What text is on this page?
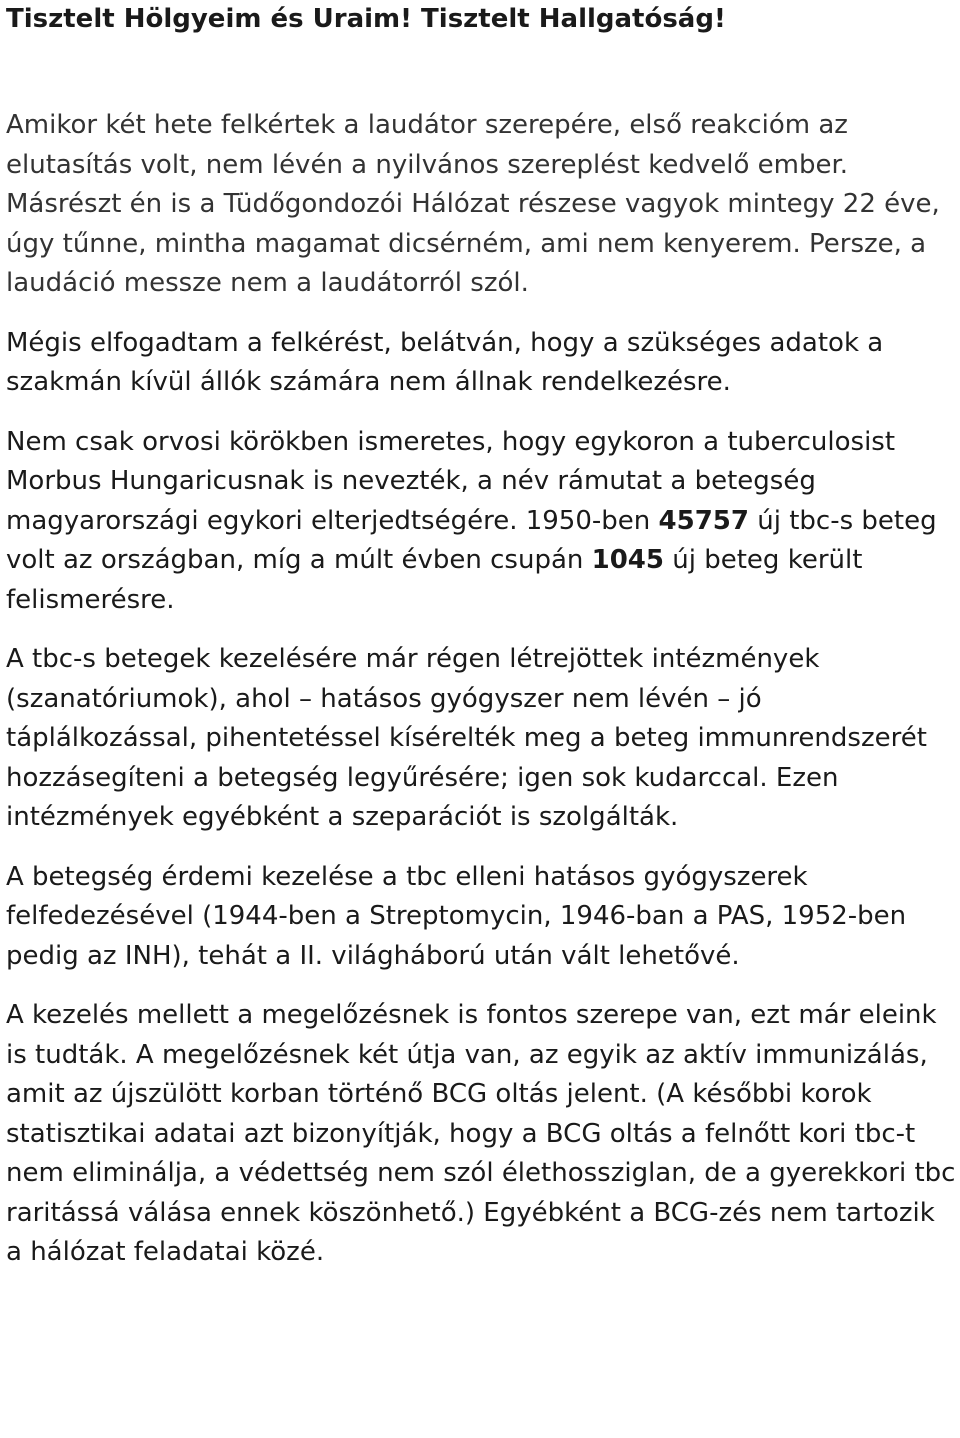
Tisztelt Hölgyeim és Uraim! Tisztelt Hallgatóság!

Amikor két hete felkértek a laudátor szerepére, első reakcióm az elutasítás volt, nem lévén a nyilvános szereplést kedvelő ember. Másrészt én is a Tüdőgondozói Hálózat részese vagyok mintegy 22 éve, úgy tűnne, mintha magamat dicsérném, ami nem kenyerem. Persze, a laudáció messze nem a laudátorról szól.

Mégis elfogadtam a felkérést, belátván, hogy a szükséges adatok a szakmán kívül állók számára nem állnak rendelkezésre.

Nem csak orvosi körökben ismeretes, hogy egykoron a tuberculosist Morbus Hungaricusnak is nevezték, a név rámutat a betegség magyarországi egykori elterjedtségére. 1950-ben 45757 új tbc-s beteg volt az országban, míg a múlt évben csupán 1045 új beteg került felismerésre.

A tbc-s betegek kezelésére már régen létrejöttek intézmények (szanatóriumok), ahol – hatásos gyógyszer nem lévén – jó táplálkozással, pihentetéssel kísérelték meg a beteg immunrendszerét hozzásegíteni a betegség legyűrésére; igen sok kudarccal. Ezen intézmények egyébként a szeparációt is szolgálták.

A betegség érdemi kezelése a tbc elleni hatásos gyógyszerek felfedezésével (1944-ben a Streptomycin, 1946-ban a PAS, 1952-ben pedig az INH), tehát a II. világháború után vált lehetővé.

A kezelés mellett a megelőzésnek is fontos szerepe van, ezt már eleink is tudták. A megelőzésnek két útja van, az egyik az aktív immunizálás, amit az újszülött korban történő BCG oltás jelent. (A későbbi korok statisztikai adatai azt bizonyítják, hogy a BCG oltás a felnőtt kori tbc-t nem eliminálja, a védettség nem szól élethossziglan, de a gyerekkori tbc raritássá válása ennek köszönhető.) Egyébként a BCG-zés nem tartozik a hálózat feladatai közé.
